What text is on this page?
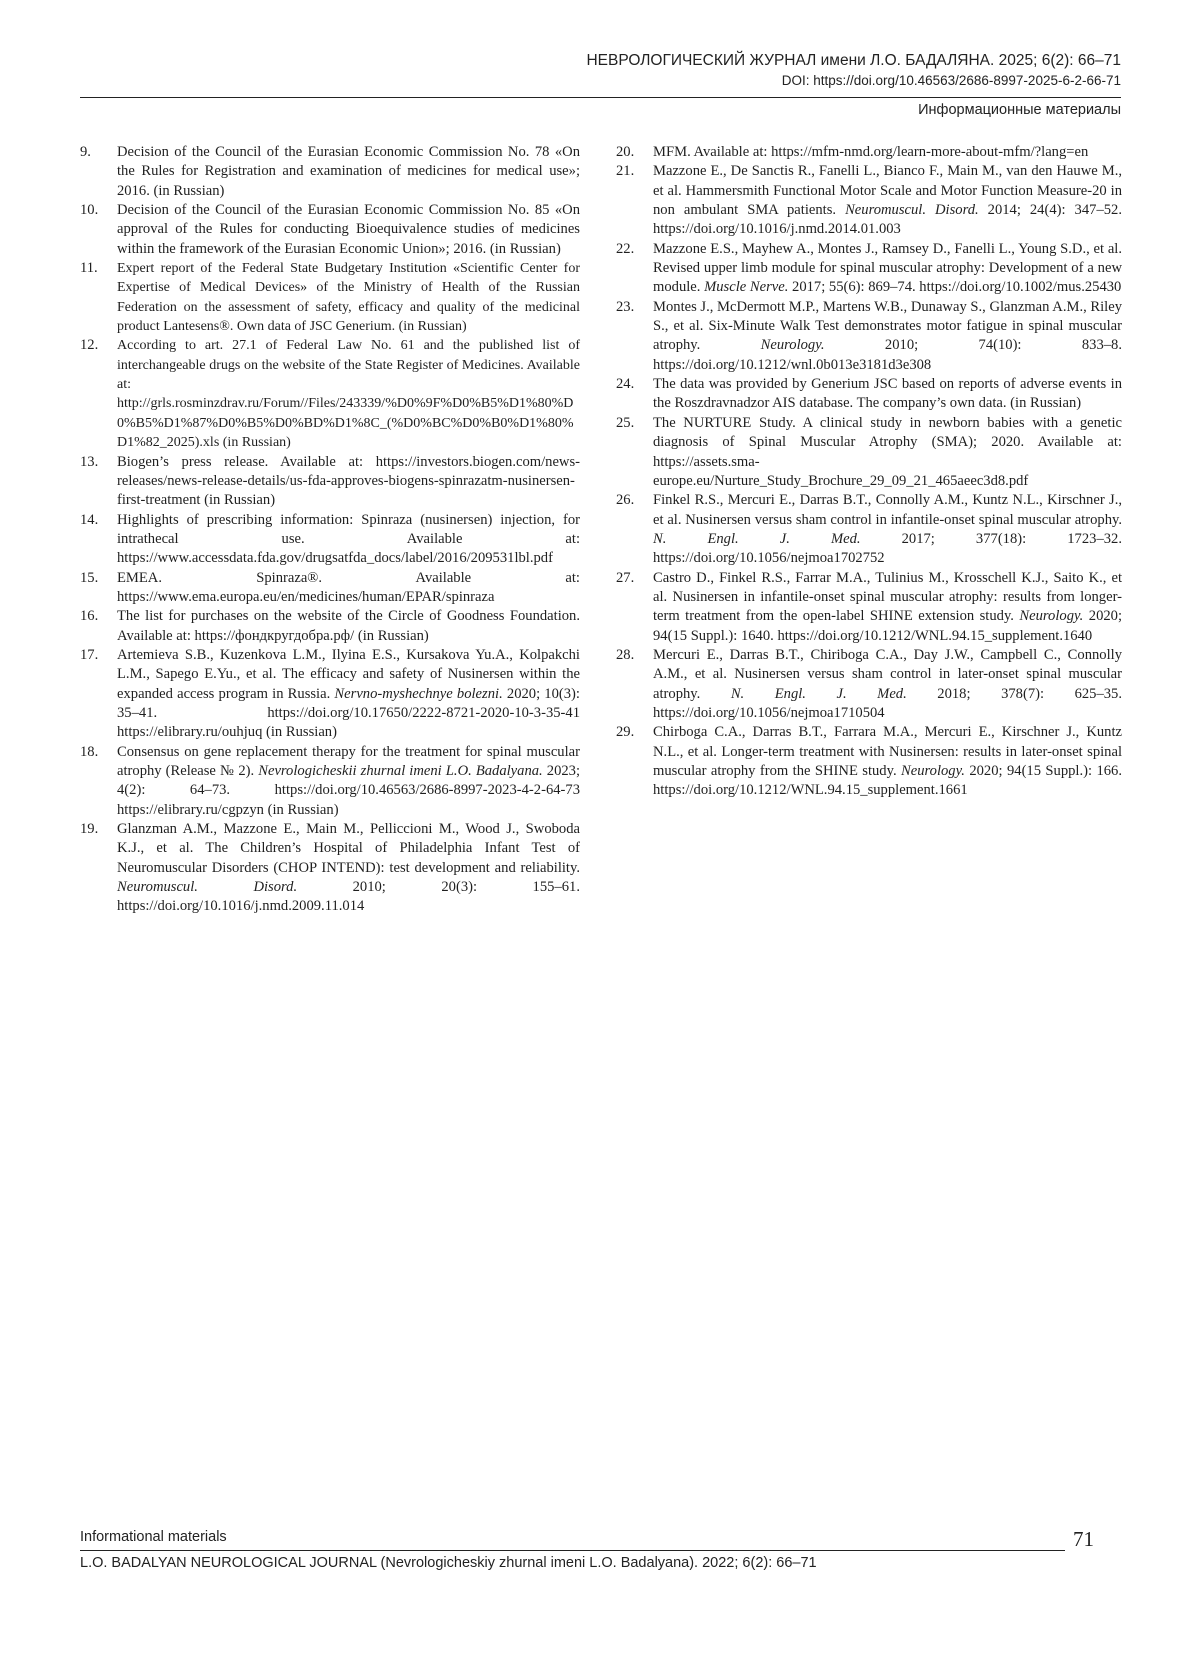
НЕВРОЛОГИЧЕСКИЙ ЖУРНАЛ имени Л.О. БАДАЛЯНА. 2025; 6(2): 66–71
DOI: https://doi.org/10.46563/2686-8997-2025-6-2-66-71
Информационные материалы
9.	Decision of the Council of the Eurasian Economic Commission No. 78 «On the Rules for Registration and examination of medicines for medical use»; 2016. (in Russian)
10.	Decision of the Council of the Eurasian Economic Commission No. 85 «On approval of the Rules for conducting Bioequivalence studies of medicines within the framework of the Eurasian Economic Union»; 2016. (in Russian)
11.	Expert report of the Federal State Budgetary Institution «Scientific Center for Expertise of Medical Devices» of the Ministry of Health of the Russian Federation on the assessment of safety, efficacy and quality of the medicinal product Lantesens®. Own data of JSC Generium. (in Russian)
12.	According to art. 27.1 of Federal Law No. 61 and the published list of interchangeable drugs on the website of the State Register of Medicines. Available at: http://grls.rosminzdrav.ru/Forum//Files/243339/%D0%9F%D0%B5%D1%80%D0%B5%D1%87%D0%B5%D0%BD%D1%8C_(%D0%BC%D0%B0%D1%80%D1%82_2025).xls (in Russian)
13.	Biogen’s press release. Available at: https://investors.biogen.com/news-releases/news-release-details/us-fda-approves-biogens-spinrazatm-nusinersen-first-treatment (in Russian)
14.	Highlights of prescribing information: Spinraza (nusinersen) injection, for intrathecal use. Available at: https://www.accessdata.fda.gov/drugsatfda_docs/label/2016/209531lbl.pdf
15.	EMEA. Spinraza®. Available at: https://www.ema.europa.eu/en/medicines/human/EPAR/spinraza
16.	The list for purchases on the website of the Circle of Goodness Foundation. Available at: https://фондкругдобра.рф/ (in Russian)
17.	Artemieva S.B., Kuzenkova L.M., Ilyina E.S., Kursakova Yu.A., Kolpakchi L.M., Sapego E.Yu., et al. The efficacy and safety of Nusinersen within the expanded access program in Russia. Nervno-myshechnye bolezni. 2020; 10(3): 35–41. https://doi.org/10.17650/2222-8721-2020-10-3-35-41 https://elibrary.ru/ouhjuq (in Russian)
18.	Consensus on gene replacement therapy for the treatment for spinal muscular atrophy (Release № 2). Nevrologicheskii zhurnal imeni L.O. Badalyana. 2023; 4(2): 64–73. https://doi.org/10.46563/2686-8997-2023-4-2-64-73 https://elibrary.ru/cgpzyn (in Russian)
19.	Glanzman A.M., Mazzone E., Main M., Pelliccioni M., Wood J., Swoboda K.J., et al. The Children’s Hospital of Philadelphia Infant Test of Neuromuscular Disorders (CHOP INTEND): test development and reliability. Neuromuscul. Disord. 2010; 20(3): 155–61. https://doi.org/10.1016/j.nmd.2009.11.014
20.	MFM. Available at: https://mfm-nmd.org/learn-more-about-mfm/?lang=en
21.	Mazzone E., De Sanctis R., Fanelli L., Bianco F., Main M., van den Hauwe M., et al. Hammersmith Functional Motor Scale and Motor Function Measure-20 in non ambulant SMA patients. Neuromuscul. Disord. 2014; 24(4): 347–52. https://doi.org/10.1016/j.nmd.2014.01.003
22.	Mazzone E.S., Mayhew A., Montes J., Ramsey D., Fanelli L., Young S.D., et al. Revised upper limb module for spinal muscular atrophy: Development of a new module. Muscle Nerve. 2017; 55(6): 869–74. https://doi.org/10.1002/mus.25430
23.	Montes J., McDermott M.P., Martens W.B., Dunaway S., Glanzman A.M., Riley S., et al. Six-Minute Walk Test demonstrates motor fatigue in spinal muscular atrophy. Neurology. 2010; 74(10): 833–8. https://doi.org/10.1212/wnl.0b013e3181d3e308
24.	The data was provided by Generium JSC based on reports of adverse events in the Roszdravnadzor AIS database. The company’s own data. (in Russian)
25.	The NURTURE Study. A clinical study in newborn babies with a genetic diagnosis of Spinal Muscular Atrophy (SMA); 2020. Available at: https://assets.sma-europe.eu/Nurture_Study_Brochure_29_09_21_465aeec3d8.pdf
26.	Finkel R.S., Mercuri E., Darras B.T., Connolly A.M., Kuntz N.L., Kirschner J., et al. Nusinersen versus sham control in infantile-onset spinal muscular atrophy. N. Engl. J. Med. 2017; 377(18): 1723–32. https://doi.org/10.1056/nejmoa1702752
27.	Castro D., Finkel R.S., Farrar M.A., Tulinius M., Krosschell K.J., Saito K., et al. Nusinersen in infantile-onset spinal muscular atrophy: results from longer-term treatment from the open-label SHINE extension study. Neurology. 2020; 94(15 Suppl.): 1640. https://doi.org/10.1212/WNL.94.15_supplement.1640
28.	Mercuri E., Darras B.T., Chiriboga C.A., Day J.W., Campbell C., Connolly A.M., et al. Nusinersen versus sham control in later-onset spinal muscular atrophy. N. Engl. J. Med. 2018; 378(7): 625–35. https://doi.org/10.1056/nejmoa1710504
29.	Chirboga C.A., Darras B.T., Farrara M.A., Mercuri E., Kirschner J., Kuntz N.L., et al. Longer-term treatment with Nusinersen: results in later-onset spinal muscular atrophy from the SHINE study. Neurology. 2020; 94(15 Suppl.): 166. https://doi.org/10.1212/WNL.94.15_supplement.1661
Informational materials
L.O. BADALYAN NEUROLOGICAL JOURNAL (Nevrologicheskiy zhurnal imeni L.O. Badalyana). 2022; 6(2): 66–71
71
